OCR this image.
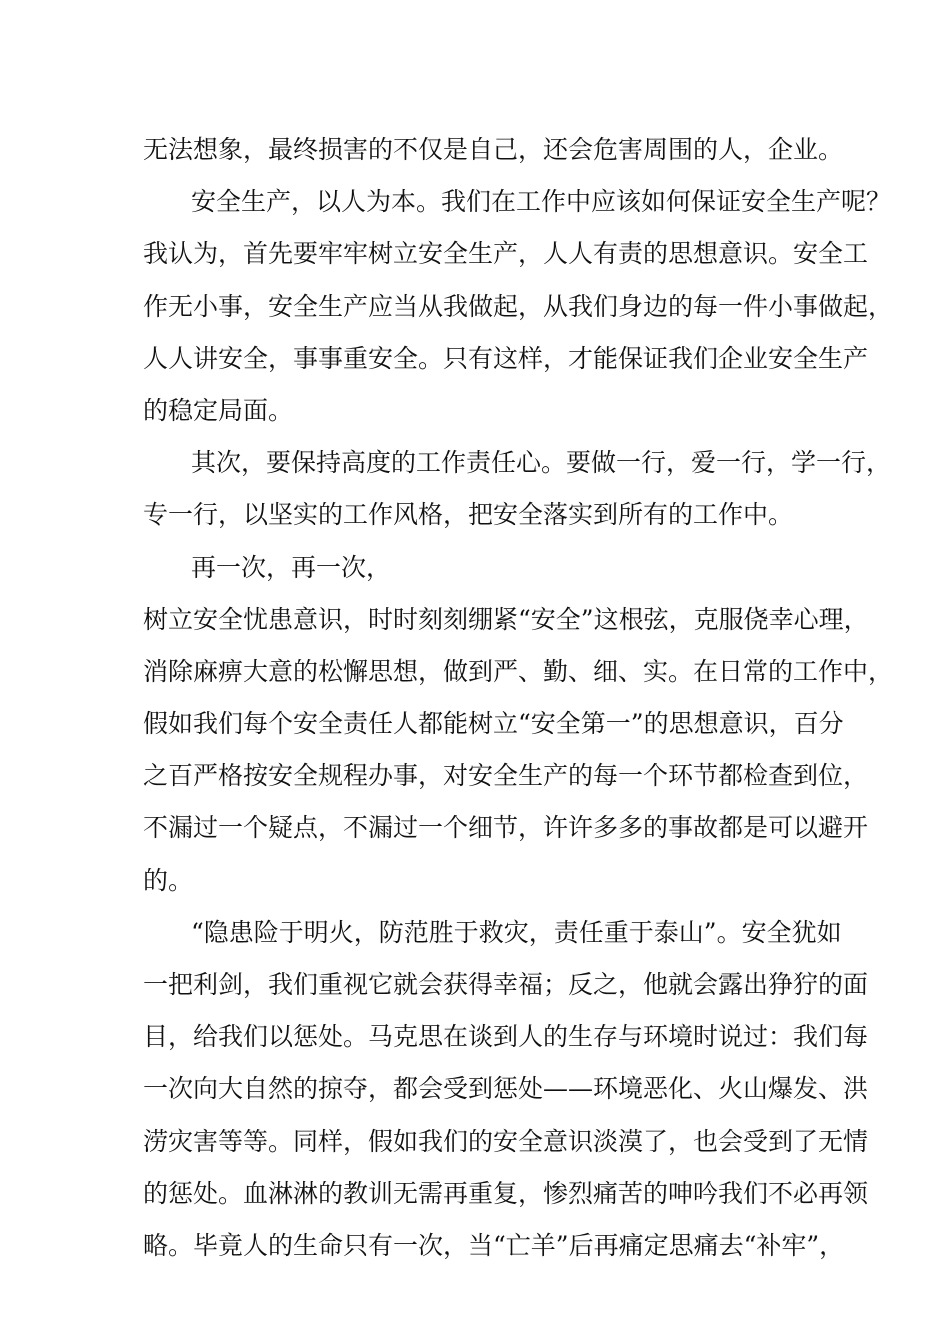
无法想象，最终损害的不仅是自己，还会危害周围的人，企业。
安全生产，以人为本。我们在工作中应该如何保证安全生产呢？
我认为，首先要牢牢树立安全生产，人人有责的思想意识。安全工
作无小事，安全生产应当从我做起，从我们身边的每一件小事做起，
人人讲安全，事事重安全。只有这样，才能保证我们企业安全生产
的稳定局面。
其次，要保持高度的工作责任心。要做一行，爱一行，学一行，
专一行，以坚实的工作风格，把安全落实到所有的工作中。
再一次，再一次，
树立安全忧患意识，时时刻刻绷紧“安全”这根弦，克服侥幸心理，
消除麻痹大意的松懈思想，做到严、勤、细、实。在日常的工作中，
假如我们每个安全责任人都能树立“安全第一”的思想意识，百分
之百严格按安全规程办事，对安全生产的每一个环节都检查到位，
不漏过一个疑点，不漏过一个细节，许许多多的事故都是可以避开
的。
“隐患险于明火，防范胜于救灾，责任重于泰山”。安全犹如
一把利剑，我们重视它就会获得幸福；反之，他就会露出狰狞的面
目，给我们以惩处。马克思在谈到人的生存与环境时说过：我们每
一次向大自然的掠夺，都会受到惩处——环境恶化、火山爆发、洪
涝灾害等等。同样，假如我们的安全意识淡漠了，也会受到了无情
的惩处。血淋淋的教训无需再重复，惨烈痛苦的呻吟我们不必再领
略。毕竟人的生命只有一次，当“亡羊”后再痛定思痛去“补牢”，
